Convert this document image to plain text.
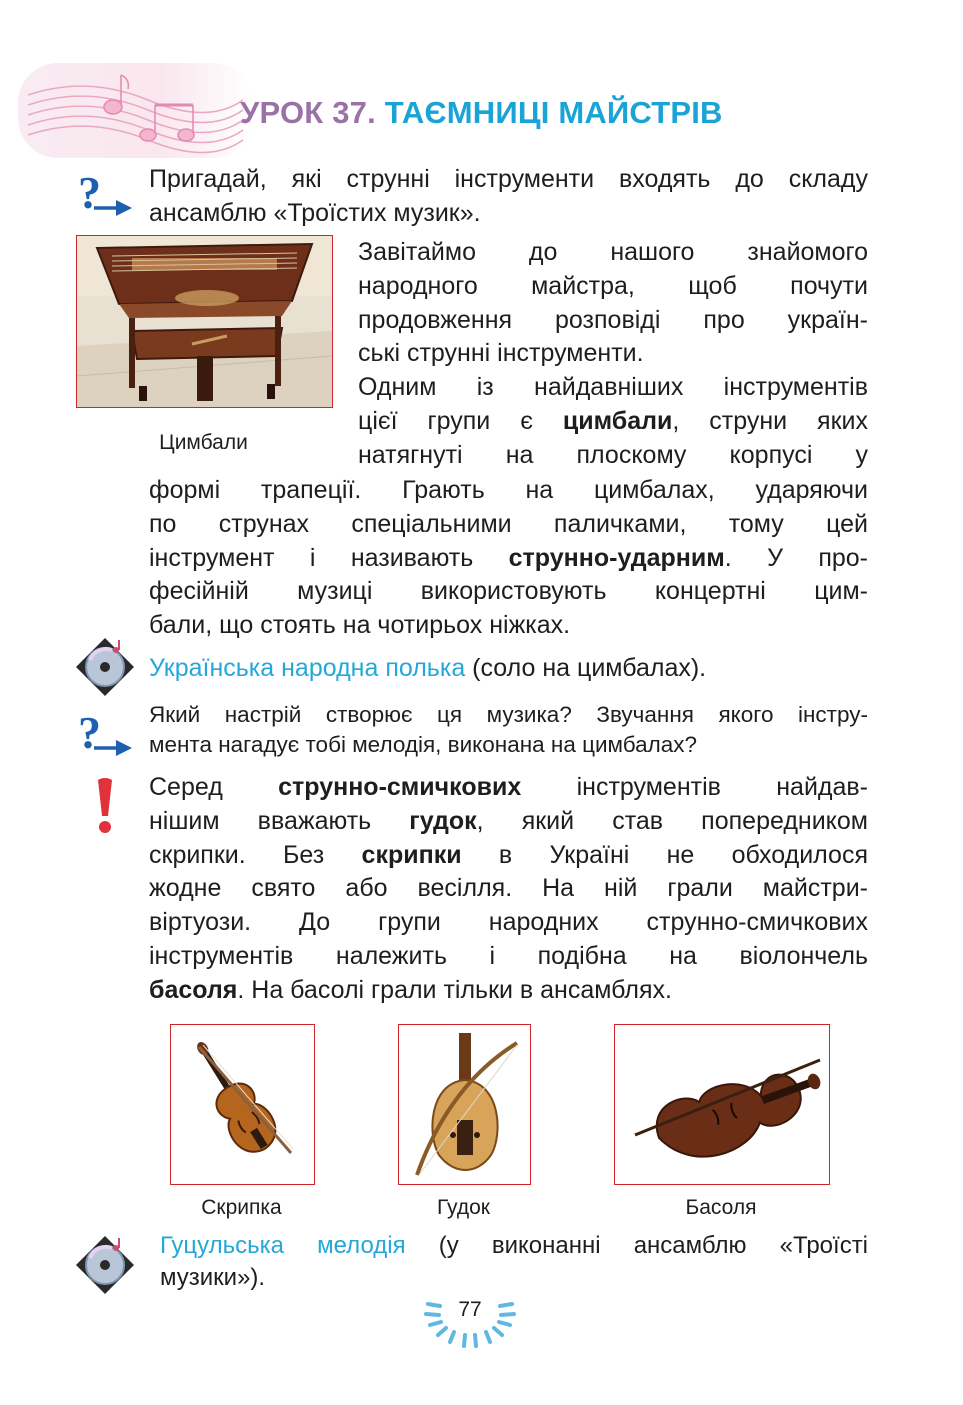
УРОК 37. ТАЄМНИЦІ МАЙСТРІВ
? Пригадай, які струнні інструменти входять до складу
ансамблю «Троїстих музик».
Цимбали
Завітаймо до нашого знайомого
народного майстра, щоб почути
продовження розповіді про україн-
ські струнні інструменти.
Одним із найдавніших інструментів
цієї групи є цимбали, струни яких
натягнуті на плоскому корпусі у
формі трапеції. Грають на цимбалах, ударяючи
по струнах спеціальними паличками, тому цей
інструмент і називають струнно-ударним. У про-
фесійній музиці використовують концертні цим-
бали, що стоять на чотирьох ніжках.
Українська народна полька (соло на цимбалах).
? Який настрій створює ця музика? Звучання якого інстру-
мента нагадує тобі мелодія, виконана на цимбалах?
Серед струнно-смичкових інструментів найдав-
нішим вважають гудок, який став попередником
скрипки. Без скрипки в Україні не обходилося
жодне свято або весілля. На ній грали майстри-
віртуози. До групи народних струнно-смичкових
інструментів належить і подібна на віолончель
басоля. На басолі грали тільки в ансамблях.
Скрипка	Гудок	Басоля
Гуцульська мелодія (у виконанні ансамблю «Троїсті
музики»).
77
